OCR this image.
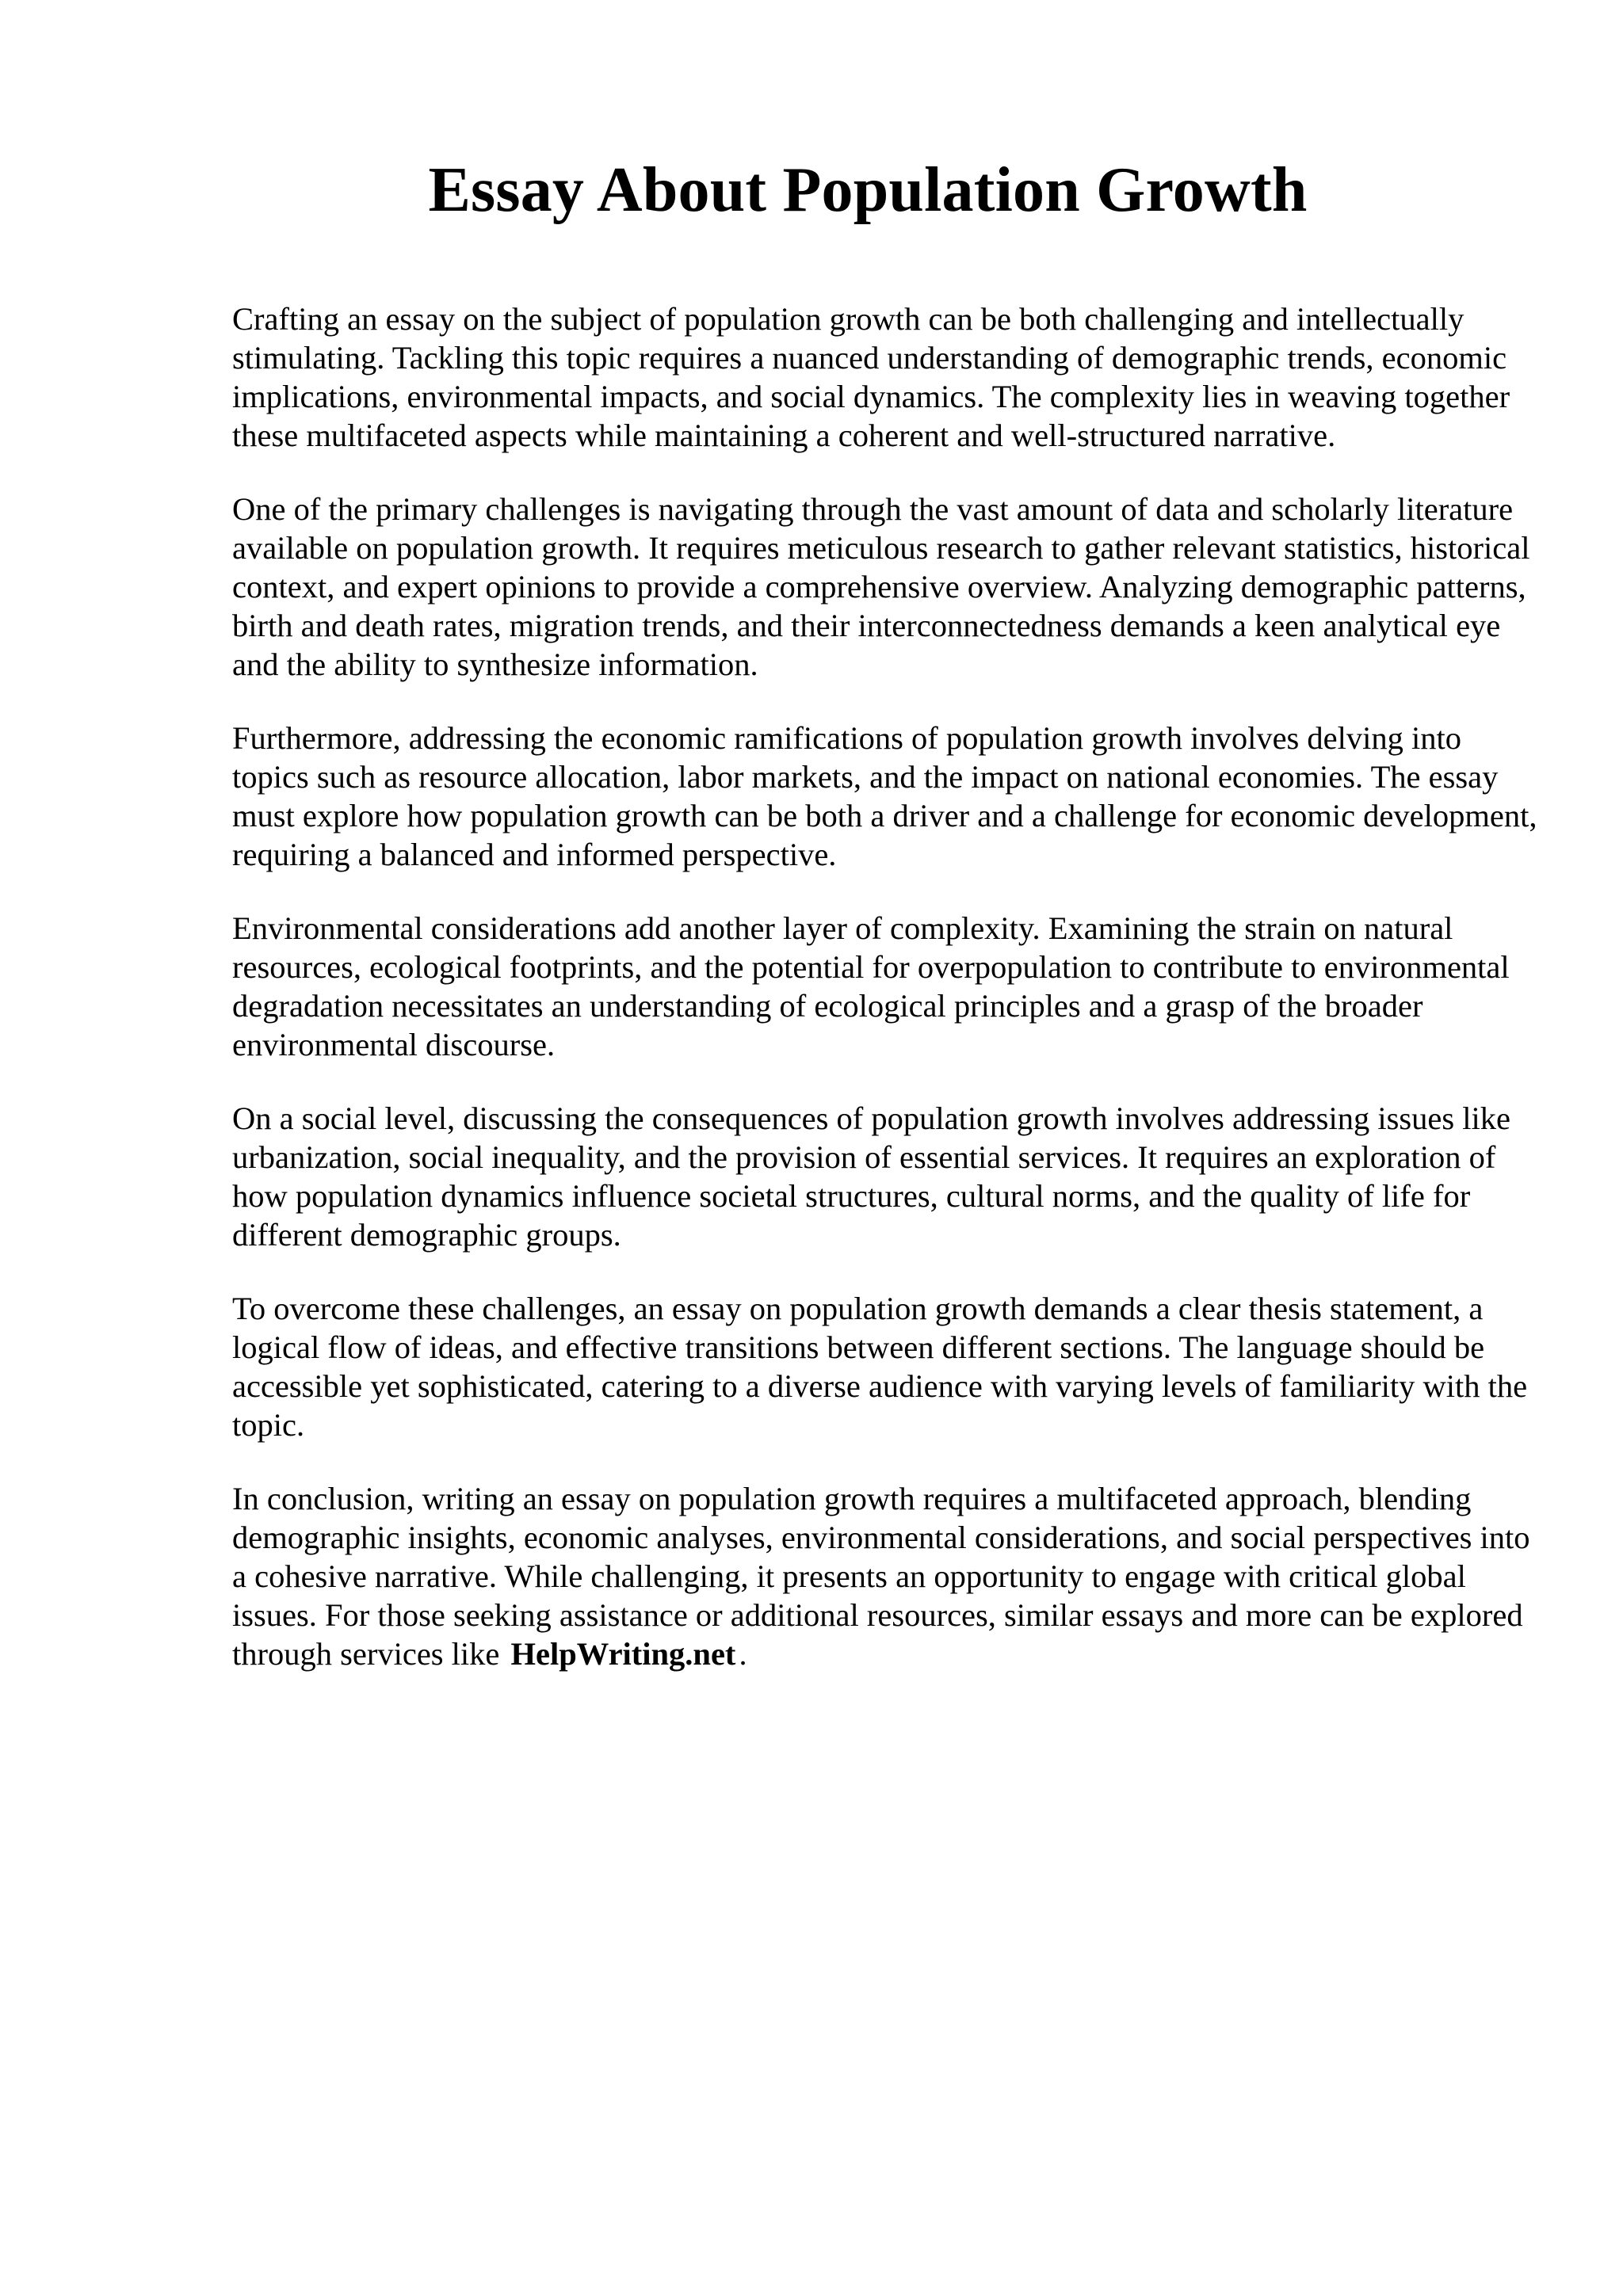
Essay About Population Growth

Crafting an essay on the subject of population growth can be both challenging and intellectually stimulating. Tackling this topic requires a nuanced understanding of demographic trends, economic implications, environmental impacts, and social dynamics. The complexity lies in weaving together these multifaceted aspects while maintaining a coherent and well-structured narrative.

One of the primary challenges is navigating through the vast amount of data and scholarly literature available on population growth. It requires meticulous research to gather relevant statistics, historical context, and expert opinions to provide a comprehensive overview. Analyzing demographic patterns, birth and death rates, migration trends, and their interconnectedness demands a keen analytical eye and the ability to synthesize information.

Furthermore, addressing the economic ramifications of population growth involves delving into topics such as resource allocation, labor markets, and the impact on national economies. The essay must explore how population growth can be both a driver and a challenge for economic development, requiring a balanced and informed perspective.

Environmental considerations add another layer of complexity. Examining the strain on natural resources, ecological footprints, and the potential for overpopulation to contribute to environmental degradation necessitates an understanding of ecological principles and a grasp of the broader environmental discourse.

On a social level, discussing the consequences of population growth involves addressing issues like urbanization, social inequality, and the provision of essential services. It requires an exploration of how population dynamics influence societal structures, cultural norms, and the quality of life for different demographic groups.

To overcome these challenges, an essay on population growth demands a clear thesis statement, a logical flow of ideas, and effective transitions between different sections. The language should be accessible yet sophisticated, catering to a diverse audience with varying levels of familiarity with the topic.

In conclusion, writing an essay on population growth requires a multifaceted approach, blending demographic insights, economic analyses, environmental considerations, and social perspectives into a cohesive narrative. While challenging, it presents an opportunity to engage with critical global issues. For those seeking assistance or additional resources, similar essays and more can be explored through services like HelpWriting.net.
